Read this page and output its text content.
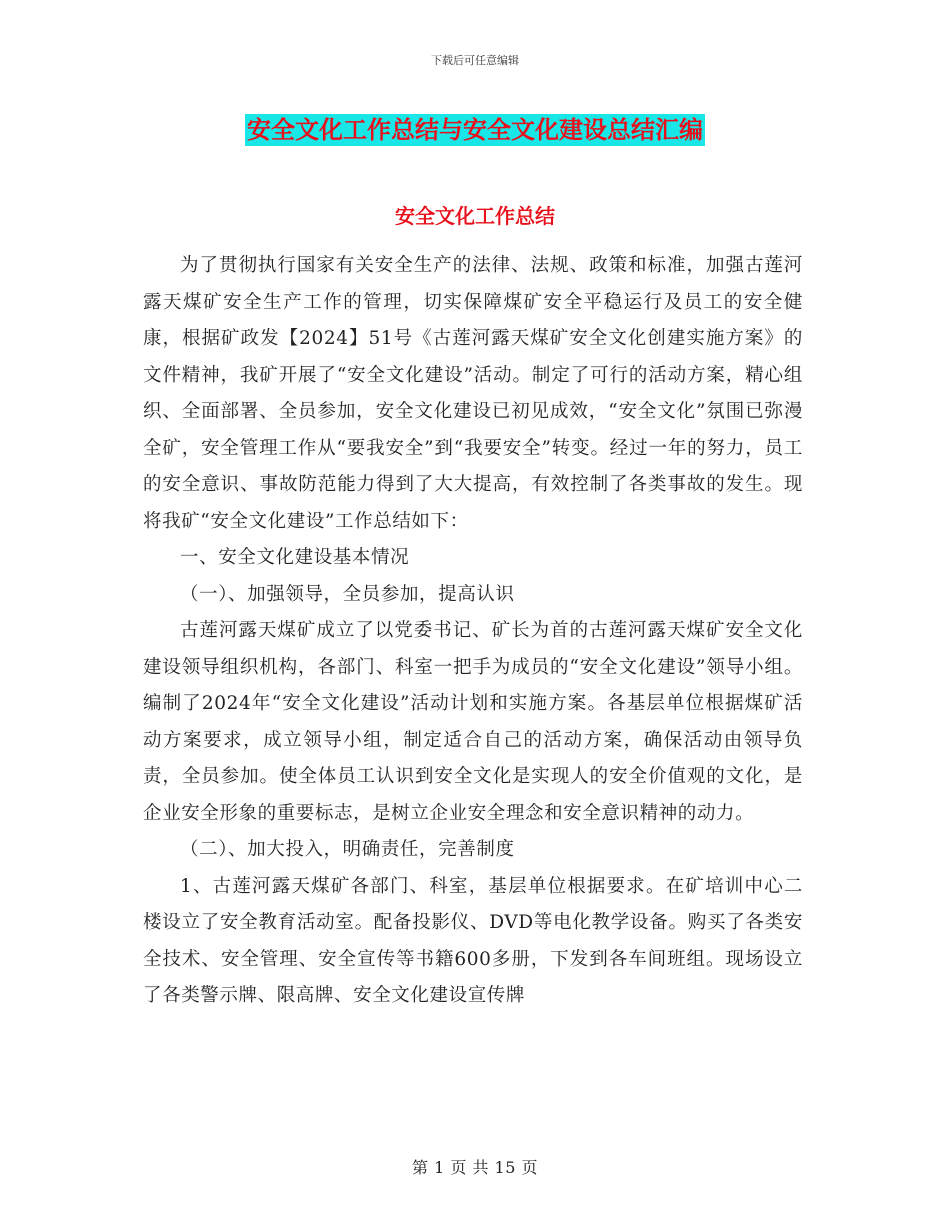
下载后可任意编辑
安全文化工作总结与安全文化建设总结汇编
安全文化工作总结

为了贯彻执行国家有关安全生产的法律、法规、政策和标准，加强古莲河露天煤矿安全生产工作的管理，切实保障煤矿安全平稳运行及员工的安全健康，根据矿政发【2024】51号《古莲河露天煤矿安全文化创建实施方案》的文件精神，我矿开展了“安全文化建设”活动。制定了可行的活动方案，精心组织、全面部署、全员参加，安全文化建设已初见成效，“安全文化”氛围已弥漫全矿，安全管理工作从“要我安全”到“我要安全”转变。经过一年的努力，员工的安全意识、事故防范能力得到了大大提高，有效控制了各类事故的发生。现将我矿“安全文化建设”工作总结如下：

一、安全文化建设基本情况

（一）、加强领导，全员参加，提高认识

古莲河露天煤矿成立了以党委书记、矿长为首的古莲河露天煤矿安全文化建设领导组织机构，各部门、科室一把手为成员的“安全文化建设”领导小组。编制了2024年“安全文化建设”活动计划和实施方案。各基层单位根据煤矿活动方案要求，成立领导小组，制定适合自己的活动方案，确保活动由领导负责，全员参加。使全体员工认识到安全文化是实现人的安全价值观的文化，是企业安全形象的重要标志，是树立企业安全理念和安全意识精神的动力。

（二）、加大投入，明确责任，完善制度

1、古莲河露天煤矿各部门、科室，基层单位根据要求。在矿培训中心二楼设立了安全教育活动室。配备投影仪、DVD等电化教学设备。购买了各类安全技术、安全管理、安全宣传等书籍600多册，下发到各车间班组。现场设立了各类警示牌、限高牌、安全文化建设宣传牌

第 1 页 共 15 页
